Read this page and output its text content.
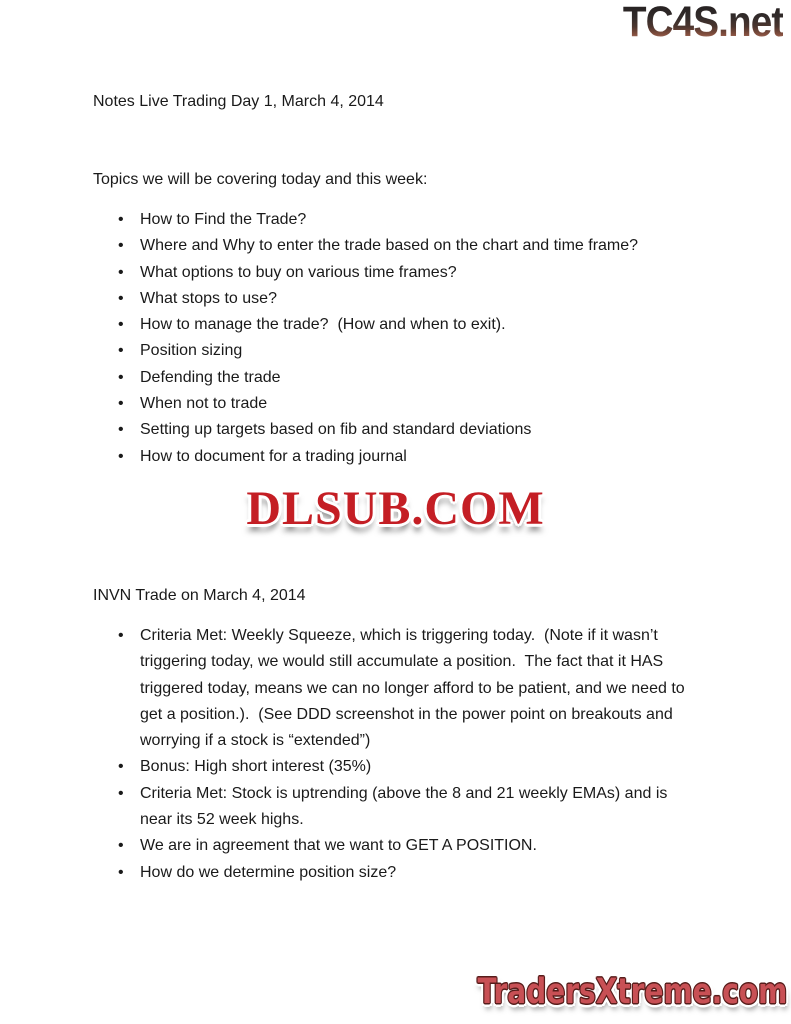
TC4S.net
Notes Live Trading Day 1, March 4, 2014
Topics we will be covering today and this week:
•	How to Find the Trade?
•	Where and Why to enter the trade based on the chart and time frame?
•	What options to buy on various time frames?
•	What stops to use?
•	How to manage the trade?  (How and when to exit).
•	Position sizing
•	Defending the trade
•	When not to trade
•	Setting up targets based on fib and standard deviations
•	How to document for a trading journal
DLSUB.COM
INVN Trade on March 4, 2014
•	Criteria Met: Weekly Squeeze, which is triggering today.  (Note if it wasn’t triggering today, we would still accumulate a position.  The fact that it HAS triggered today, means we can no longer afford to be patient, and we need to get a position.).  (See DDD screenshot in the power point on breakouts and worrying if a stock is “extended”)
•	Bonus: High short interest (35%)
•	Criteria Met: Stock is uptrending (above the 8 and 21 weekly EMAs) and is near its 52 week highs.
•	We are in agreement that we want to GET A POSITION.
•	How do we determine position size?
TradersXtreme.com
